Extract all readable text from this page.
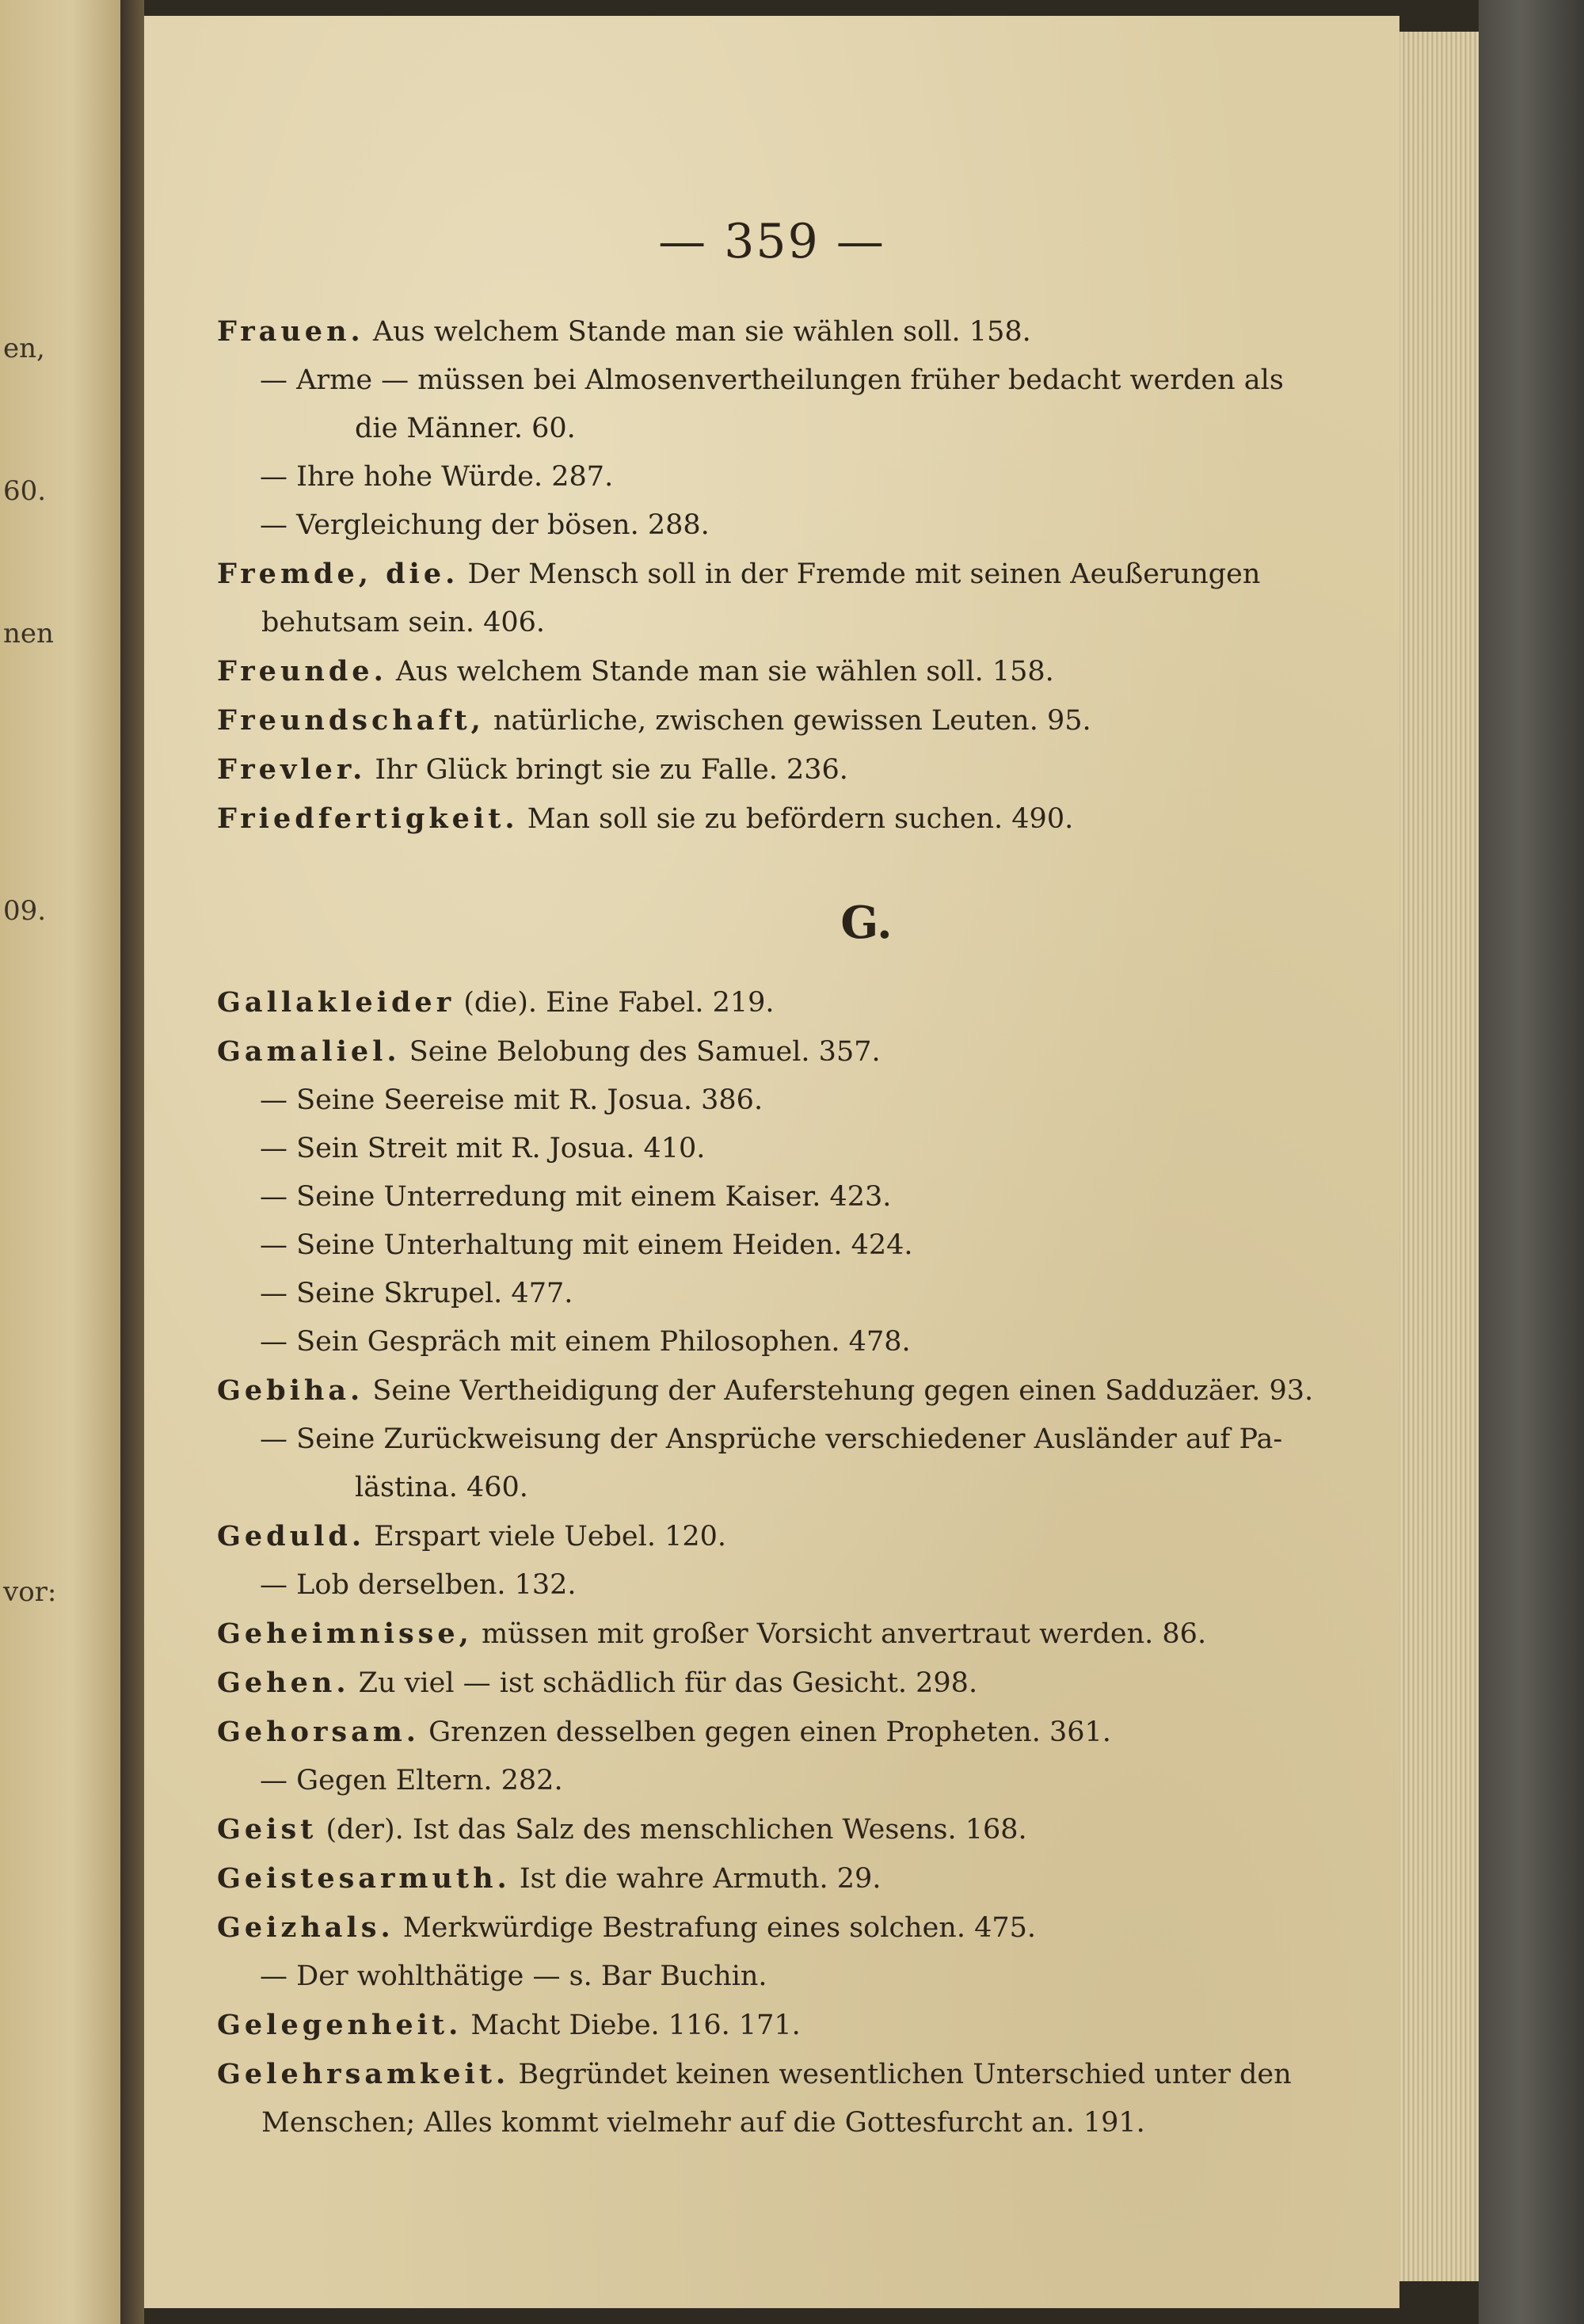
en,
60.
nen
09.
vor:
— 359 —
Frauen. Aus welchem Stande man sie wählen soll. 158.
— Arme — müssen bei Almosenvertheilungen früher bedacht werden als
die Männer. 60.
— Ihre hohe Würde. 287.
— Vergleichung der bösen. 288.
Fremde, die. Der Mensch soll in der Fremde mit seinen Aeußerungen
behutsam sein. 406.
Freunde. Aus welchem Stande man sie wählen soll. 158.
Freundschaft, natürliche, zwischen gewissen Leuten. 95.
Frevler. Ihr Glück bringt sie zu Falle. 236.
Friedfertigkeit. Man soll sie zu befördern suchen. 490.
G.
Gallakleider (die). Eine Fabel. 219.
Gamaliel. Seine Belobung des Samuel. 357.
— Seine Seereise mit R. Josua. 386.
— Sein Streit mit R. Josua. 410.
— Seine Unterredung mit einem Kaiser. 423.
— Seine Unterhaltung mit einem Heiden. 424.
— Seine Skrupel. 477.
— Sein Gespräch mit einem Philosophen. 478.
Gebiha. Seine Vertheidigung der Auferstehung gegen einen Sadduzäer. 93.
— Seine Zurückweisung der Ansprüche verschiedener Ausländer auf Pa-
lästina. 460.
Geduld. Erspart viele Uebel. 120.
— Lob derselben. 132.
Geheimnisse, müssen mit großer Vorsicht anvertraut werden. 86.
Gehen. Zu viel — ist schädlich für das Gesicht. 298.
Gehorsam. Grenzen desselben gegen einen Propheten. 361.
— Gegen Eltern. 282.
Geist (der). Ist das Salz des menschlichen Wesens. 168.
Geistesarmuth. Ist die wahre Armuth. 29.
Geizhals. Merkwürdige Bestrafung eines solchen. 475.
— Der wohlthätige — s. Bar Buchin.
Gelegenheit. Macht Diebe. 116. 171.
Gelehrsamkeit. Begründet keinen wesentlichen Unterschied unter den
Menschen; Alles kommt vielmehr auf die Gottesfurcht an. 191.
